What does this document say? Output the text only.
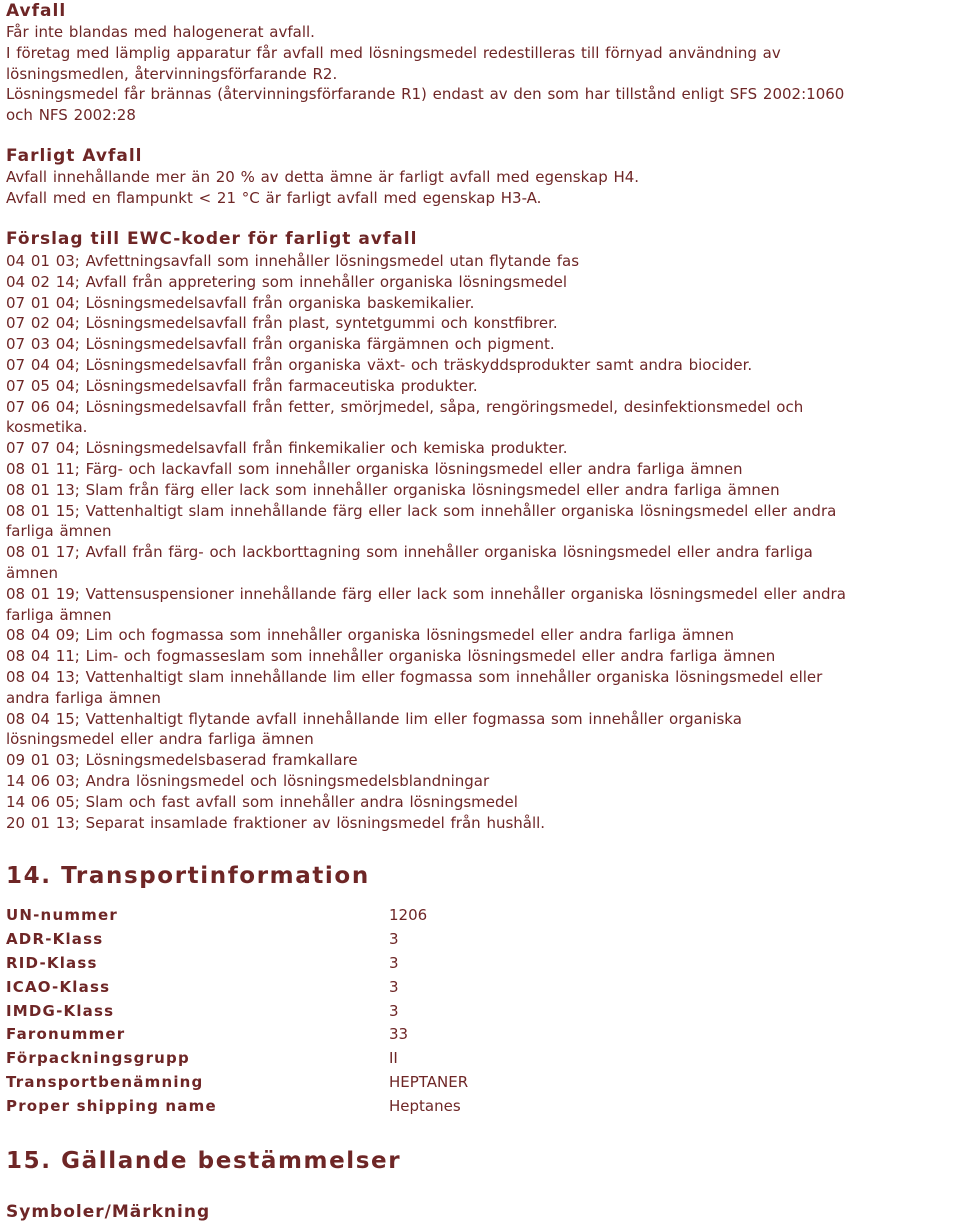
Avfall

Får inte blandas med halogenerat avfall.

I företag med lämplig apparatur får avfall med lösningsmedel redestilleras till förnyad användning av

lösningsmedlen, återvinningsförfarande R2.

Lösningsmedel får brännas (återvinningsförfarande R1) endast av den som har tillstånd enligt SFS 2002:1060

och NFS 2002:28

Farligt Avfall

Avfall innehållande mer än 20 % av detta ämne är farligt avfall med egenskap H4.

Avfall med en flampunkt < 21 °C är farligt avfall med egenskap H3-A.

Förslag till EWC-koder för farligt avfall

04 01 03; Avfettningsavfall som innehåller lösningsmedel utan flytande fas

04 02 14; Avfall från appretering som innehåller organiska lösningsmedel

07 01 04; Lösningsmedelsavfall från organiska baskemikalier.

07 02 04; Lösningsmedelsavfall från plast, syntetgummi och konstfibrer.

07 03 04; Lösningsmedelsavfall från organiska färgämnen och pigment.

07 04 04; Lösningsmedelsavfall från organiska växt- och träskyddsprodukter samt andra biocider.

07 05 04; Lösningsmedelsavfall från farmaceutiska produkter.

07 06 04; Lösningsmedelsavfall från fetter, smörjmedel, såpa, rengöringsmedel, desinfektionsmedel och

kosmetika.

07 07 04; Lösningsmedelsavfall från finkemikalier och kemiska produkter.

08 01 11; Färg- och lackavfall som innehåller organiska lösningsmedel eller andra farliga ämnen

08 01 13; Slam från färg eller lack som innehåller organiska lösningsmedel eller andra farliga ämnen

08 01 15; Vattenhaltigt slam innehållande färg eller lack som innehåller organiska lösningsmedel eller andra

farliga ämnen

08 01 17; Avfall från färg- och lackborttagning som innehåller organiska lösningsmedel eller andra farliga

ämnen

08 01 19; Vattensuspensioner innehållande färg eller lack som innehåller organiska lösningsmedel eller andra

farliga ämnen

08 04 09; Lim och fogmassa som innehåller organiska lösningsmedel eller andra farliga ämnen

08 04 11; Lim- och fogmasseslam som innehåller organiska lösningsmedel eller andra farliga ämnen

08 04 13; Vattenhaltigt slam innehållande lim eller fogmassa som innehåller organiska lösningsmedel eller

andra farliga ämnen

08 04 15; Vattenhaltigt flytande avfall innehållande lim eller fogmassa som innehåller organiska

lösningsmedel eller andra farliga ämnen

09 01 03; Lösningsmedelsbaserad framkallare

14 06 03; Andra lösningsmedel och lösningsmedelsblandningar

14 06 05; Slam och fast avfall som innehåller andra lösningsmedel

20 01 13; Separat insamlade fraktioner av lösningsmedel från hushåll.

14. Transportinformation
UN-nummer	1206
ADR-Klass	3
RID-Klass	3
ICAO-Klass	3
IMDG-Klass	3
Faronummer	33
Förpackningsgrupp	II
Transportbenämning	HEPTANER
Proper shipping name	Heptanes
15. Gällande bestämmelser

Symboler/Märkning
